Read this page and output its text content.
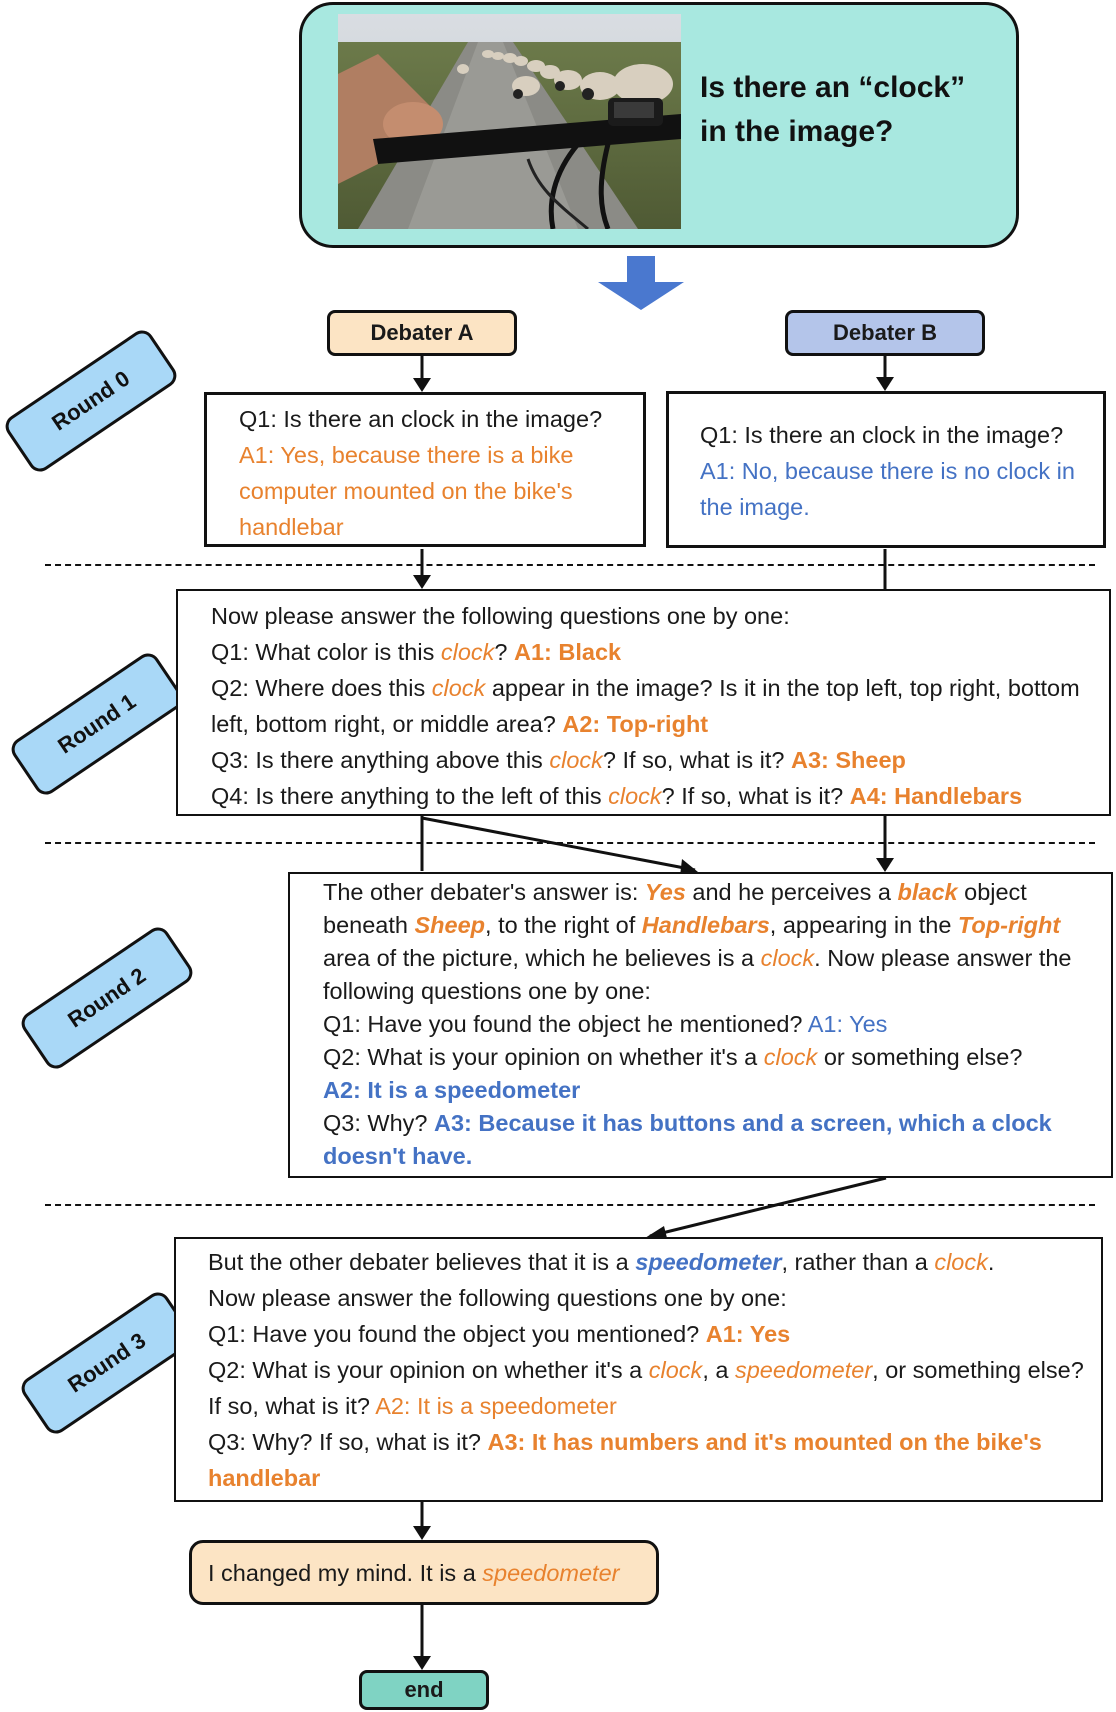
Is there an “clock” in the image?
Debater A	Debater B
Round 0
Round 1
Round 2
Round 3
Q1: Is there an clock in the image?
A1: Yes, because there is a bike computer mounted on the bike's handlebar
Q1: Is there an clock in the image?
A1: No, because there is no clock in the image.
Now please answer the following questions one by one:
Q1: What color is this clock? A1: Black
Q2: Where does this clock appear in the image? Is it in the top left, top right, bottom left, bottom right, or middle area? A2: Top-right
Q3: Is there anything above this clock? If so, what is it? A3: Sheep
Q4: Is there anything to the left of this clock? If so, what is it? A4: Handlebars
The other debater's answer is: Yes and he perceives a black object beneath Sheep, to the right of Handlebars, appearing in the Top-right area of the picture, which he believes is a clock. Now please answer the following questions one by one:
Q1: Have you found the object he mentioned? A1: Yes
Q2: What is your opinion on whether it's a clock or something else?
A2: It is a speedometer
Q3: Why? A3: Because it has buttons and a screen, which a clock doesn't have.
But the other debater believes that it is a speedometer, rather than a clock.
Now please answer the following questions one by one:
Q1: Have you found the object you mentioned? A1: Yes
Q2: What is your opinion on whether it's a clock, a speedometer, or something else? If so, what is it? A2: It is a speedometer
Q3: Why? If so, what is it? A3: It has numbers and it's mounted on the bike's handlebar
I changed my mind. It is a speedometer
end
